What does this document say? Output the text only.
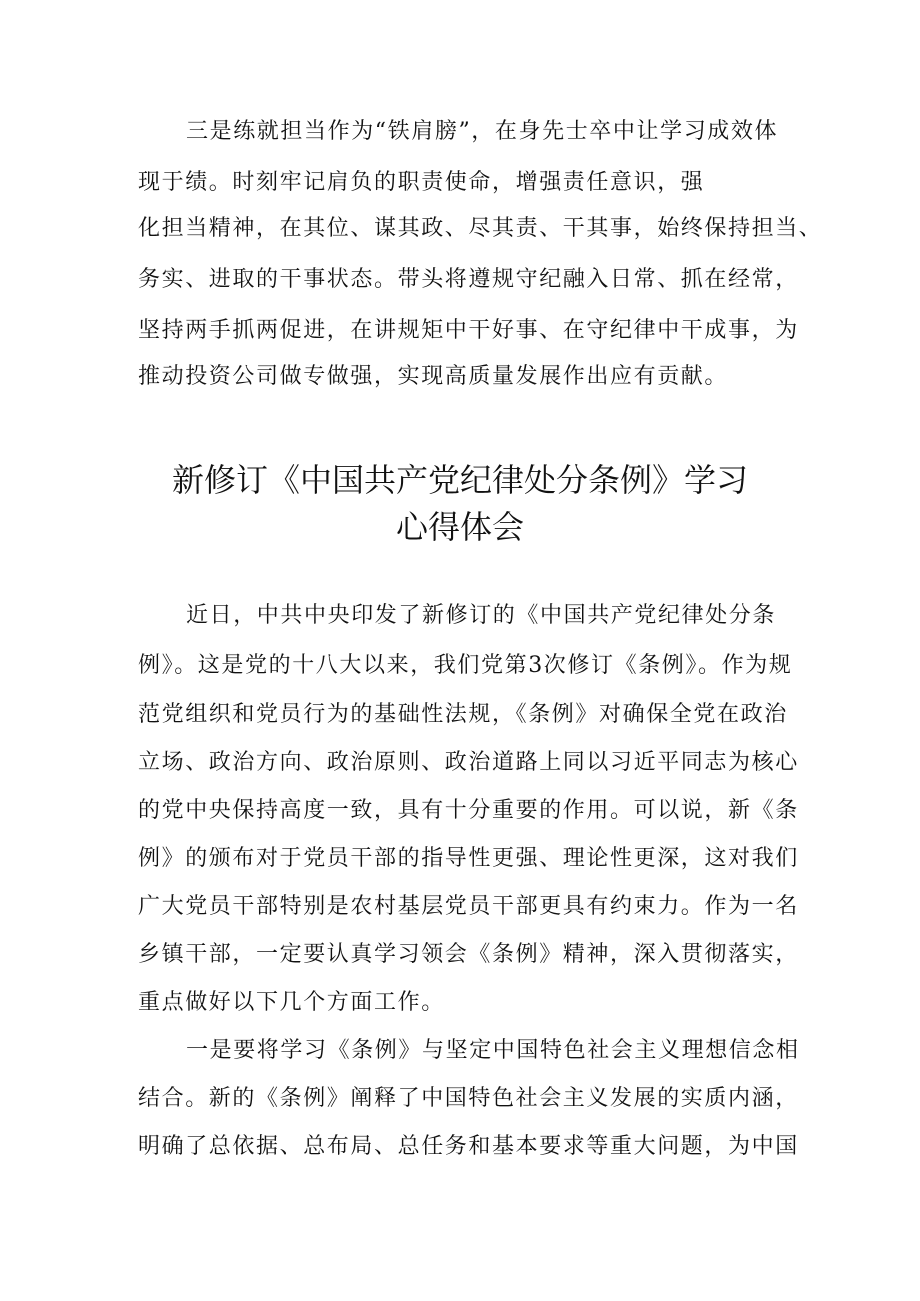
三是练就担当作为“铁肩膀”，在身先士卒中让学习成效体
现于绩。时刻牢记肩负的职责使命，增强责任意识，强
化担当精神，在其位、谋其政、尽其责、干其事，始终保持担当、
务实、进取的干事状态。带头将遵规守纪融入日常、抓在经常，
坚持两手抓两促进，在讲规矩中干好事、在守纪律中干成事，为
推动投资公司做专做强，实现高质量发展作出应有贡献。
新修订《中国共产党纪律处分条例》学习
心得体会
近日，中共中央印发了新修订的《中国共产党纪律处分条
例》。这是党的十八大以来，我们党第3次修订《条例》。作为规
范党组织和党员行为的基础性法规，《条例》对确保全党在政治
立场、政治方向、政治原则、政治道路上同以习近平同志为核心
的党中央保持高度一致，具有十分重要的作用。可以说，新《条
例》的颁布对于党员干部的指导性更强、理论性更深，这对我们
广大党员干部特别是农村基层党员干部更具有约束力。作为一名
乡镇干部，一定要认真学习领会《条例》精神，深入贯彻落实，
重点做好以下几个方面工作。
一是要将学习《条例》与坚定中国特色社会主义理想信念相
结合。新的《条例》阐释了中国特色社会主义发展的实质内涵，
明确了总依据、总布局、总任务和基本要求等重大问题，为中国
